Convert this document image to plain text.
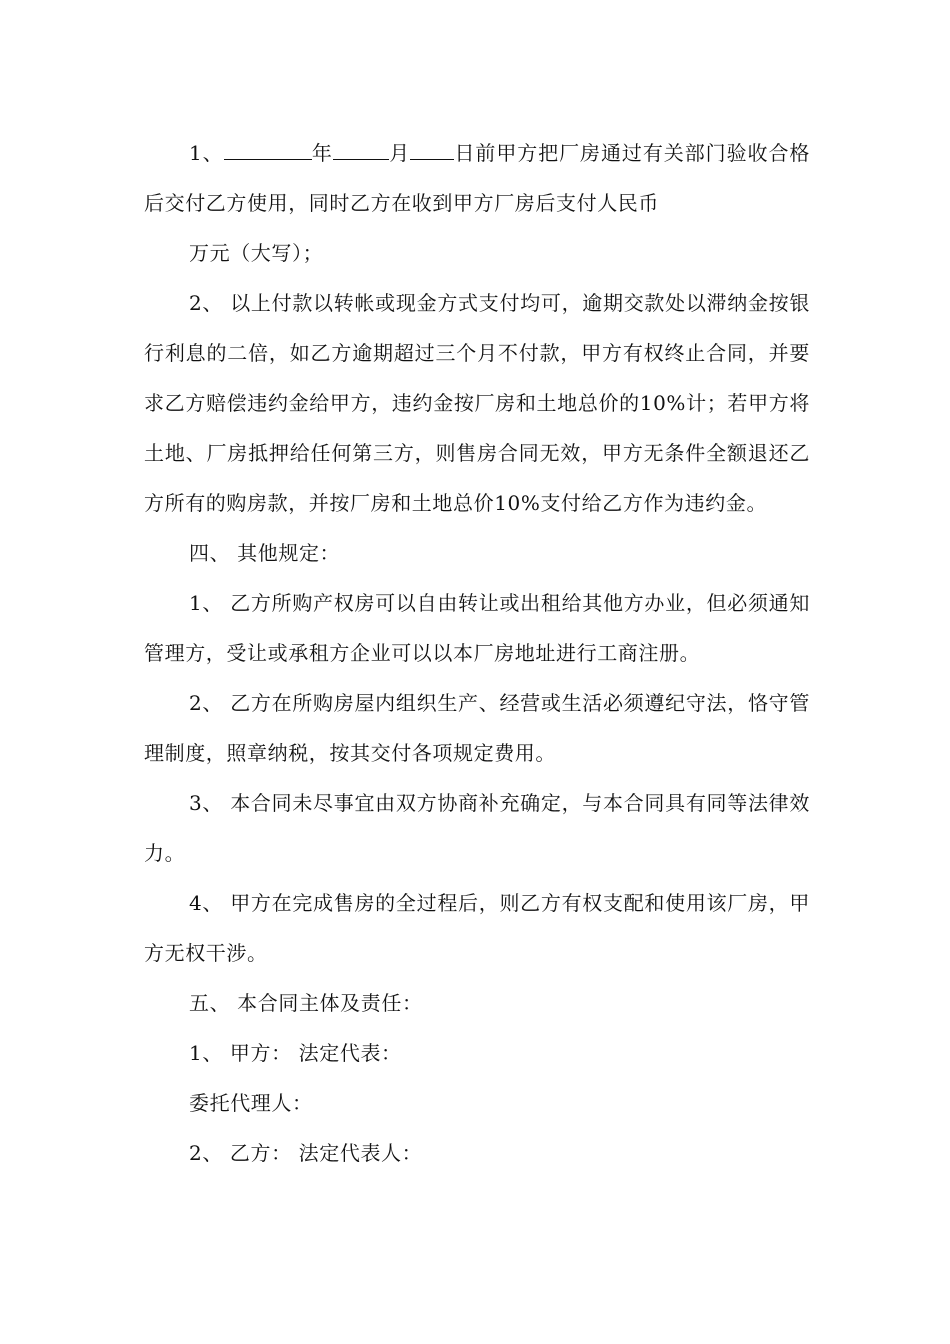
1、	年	月 日前甲方把厂房通过有关部门验收合格后交付乙方使用，同时乙方在收到甲方厂房后支付人民币

万元（大写）；

2、 以上付款以转帐或现金方式支付均可，逾期交款处以滞纳金按银行利息的二倍，如乙方逾期超过三个月不付款，甲方有权终止合同，并要求乙方赔偿违约金给甲方，违约金按厂房和土地总价的10%计；若甲方将土地、厂房抵押给任何第三方，则售房合同无效，甲方无条件全额退还乙方所有的购房款，并按厂房和土地总价10%支付给乙方作为违约金。

四、 其他规定：

1、 乙方所购产权房可以自由转让或出租给其他方办业，但必须通知管理方，受让或承租方企业可以以本厂房地址进行工商注册。

2、 乙方在所购房屋内组织生产、经营或生活必须遵纪守法，恪守管理制度，照章纳税，按其交付各项规定费用。

3、 本合同未尽事宜由双方协商补充确定，与本合同具有同等法律效力。

4、 甲方在完成售房的全过程后，则乙方有权支配和使用该厂房，甲方无权干涉。

五、 本合同主体及责任：

1、 甲方： 法定代表：

委托代理人：

2、 乙方： 法定代表人：
